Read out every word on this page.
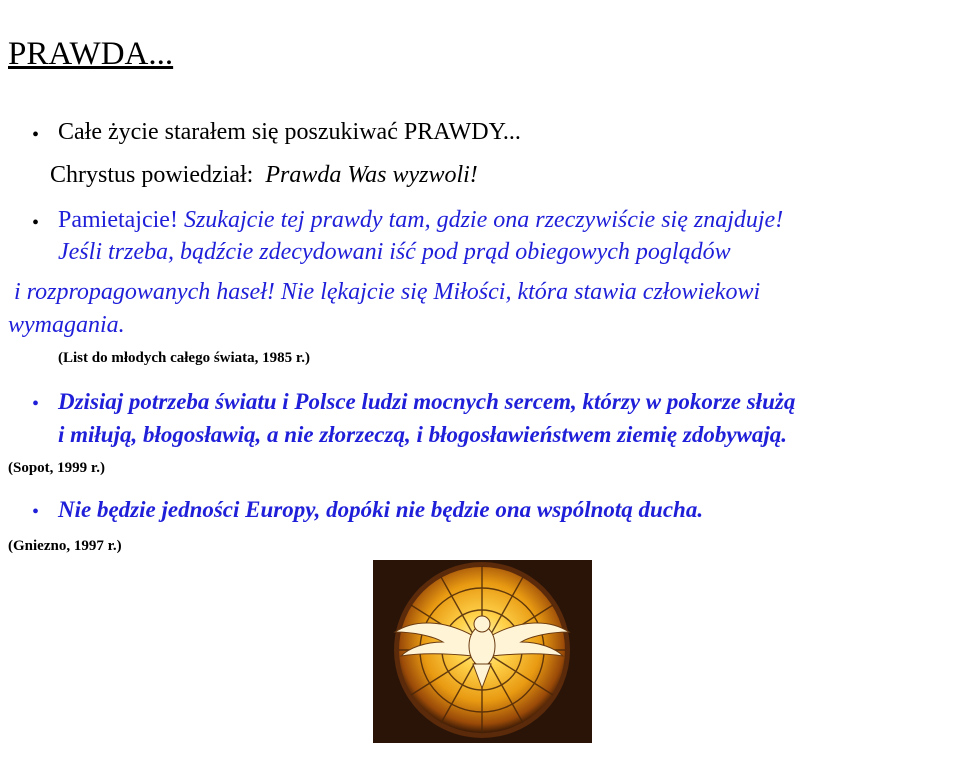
PRAWDA...
• Całe życie starałem się poszukiwać PRAWDY...
Chrystus powiedział: Prawda Was wyzwoli!
• Pamietajcie! Szukajcie tej prawdy tam, gdzie ona rzeczywiście się znajduje!
Jeśli trzeba, bądźcie zdecydowani iść pod prąd obiegowych poglądów
i rozpropagowanych haseł! Nie lękajcie się Miłości, która stawia człowiekowi
wymagania.
(List do młodych całego świata, 1985 r.)
• Dzisiaj potrzeba światu i Polsce ludzi mocnych sercem, którzy w pokorze służą
i miłują, błogosławią, a nie złorzeczą, i błogosławieństwem ziemię zdobywają.
(Sopot, 1999 r.)
• Nie będzie jedności Europy, dopóki nie będzie ona wspólnotą ducha.
(Gniezno, 1997 r.)
